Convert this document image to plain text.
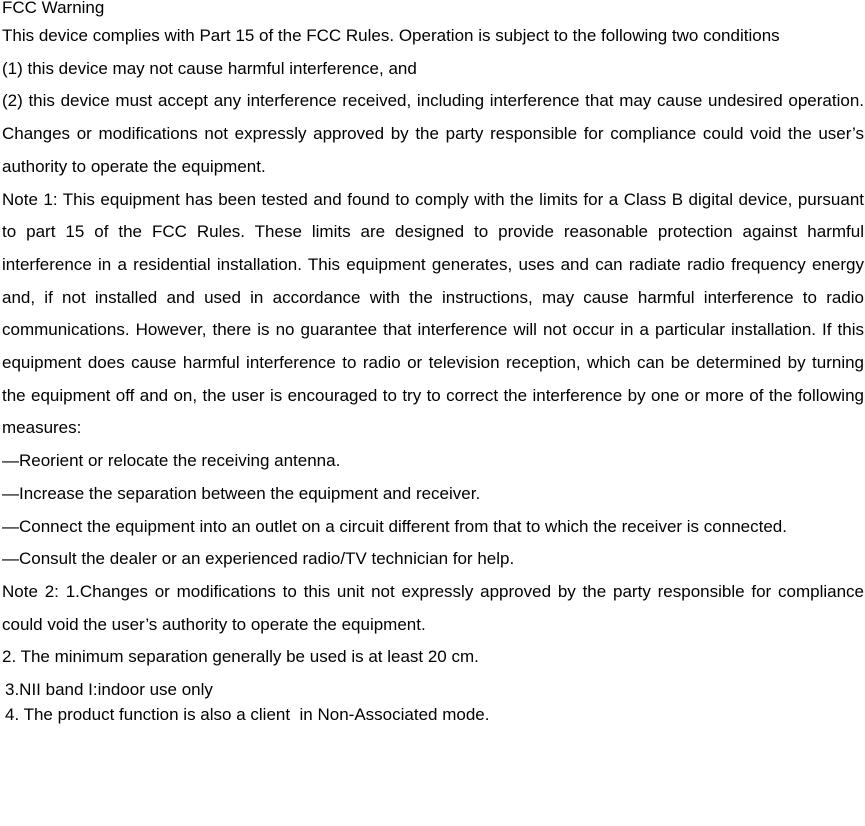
FCC Warning

This device complies with Part 15 of the FCC Rules. Operation is subject to the following two conditions

(1) this device may not cause harmful interference, and

(2) this device must accept any interference received, including interference that may cause undesired operation. Changes or modifications not expressly approved by the party responsible for compliance could void the user’s authority to operate the equipment.

Note 1: This equipment has been tested and found to comply with the limits for a Class B digital device, pursuant to part 15 of the FCC Rules. These limits are designed to provide reasonable protection against harmful interference in a residential installation. This equipment generates, uses and can radiate radio frequency energy and, if not installed and used in accordance with the instructions, may cause harmful interference to radio communications. However, there is no guarantee that interference will not occur in a particular installation. If this equipment does cause harmful interference to radio or television reception, which can be determined by turning the equipment off and on, the user is encouraged to try to correct the interference by one or more of the following measures:

—Reorient or relocate the receiving antenna.

—Increase the separation between the equipment and receiver.

—Connect the equipment into an outlet on a circuit different from that to which the receiver is connected.

—Consult the dealer or an experienced radio/TV technician for help.

Note 2: 1.Changes or modifications to this unit not expressly approved by the party responsible for compliance could void the user’s authority to operate the equipment.

2. The minimum separation generally be used is at least 20 cm.

3.NII band I:indoor use only

4. The product function is also a client  in Non-Associated mode.
